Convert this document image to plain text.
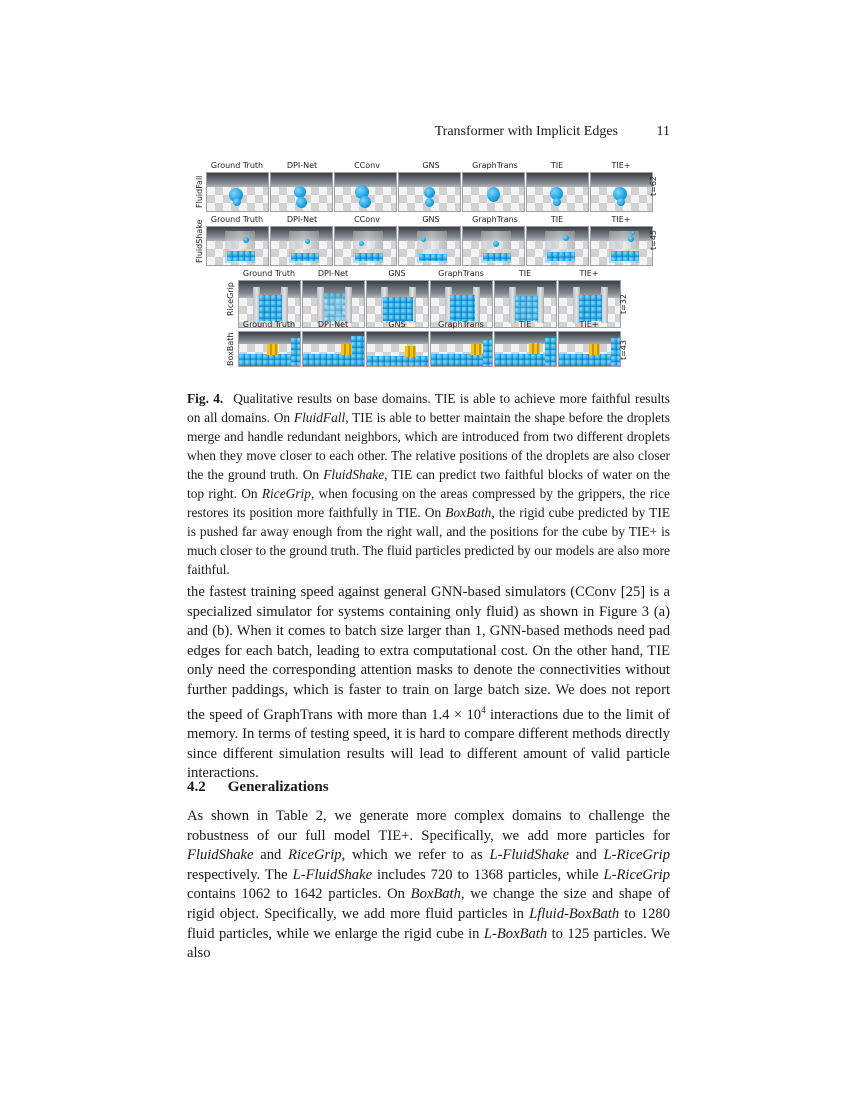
Transformer with Implicit Edges	11
FluidFall
Ground Truth	DPI-Net	CConv	GNS	GraphTrans	TIE	TIE+
t=62
FluidShake Ground Truth	DPI-Net	CConv	GNS	GraphTrans	TIE	TIE+
t=45
RiceGrip
Ground Truth	DPI-Net	GNS	GraphTrans	TIE	TIE+
t=32
BoxBath
Ground Truth	DPI-Net	GNS	GraphTrans	TIE	TIE+
t=43
Fig. 4. Qualitative results on base domains. TIE is able to achieve more faithful results on all domains. On FluidFall, TIE is able to better maintain the shape before the droplets merge and handle redundant neighbors, which are introduced from two different droplets when they move closer to each other. The relative positions of the droplets are also closer the the ground truth. On FluidShake, TIE can predict two faithful blocks of water on the top right. On RiceGrip, when focusing on the areas compressed by the grippers, the rice restores its position more faithfully in TIE. On BoxBath, the rigid cube predicted by TIE is pushed far away enough from the right wall, and the positions for the cube by TIE+ is much closer to the ground truth. The fluid particles predicted by our models are also more faithful.
the fastest training speed against general GNN-based simulators (CConv [25] is a specialized simulator for systems containing only fluid) as shown in Figure 3 (a) and (b). When it comes to batch size larger than 1, GNN-based methods need pad edges for each batch, leading to extra computational cost. On the other hand, TIE only need the corresponding attention masks to denote the connectivities without further paddings, which is faster to train on large batch size. We does not report the speed of GraphTrans with more than $1.4 \times 10^4$ interactions due to the limit of memory. In terms of testing speed, it is hard to compare different methods directly since different simulation results will lead to different amount of valid particle interactions.
4.2 Generalizations
As shown in Table 2, we generate more complex domains to challenge the robustness of our full model TIE+. Specifically, we add more particles for FluidShake and RiceGrip, which we refer to as L-FluidShake and L-RiceGrip respectively. The L-FluidShake includes 720 to 1368 particles, while L-RiceGrip contains 1062 to 1642 particles. On BoxBath, we change the size and shape of rigid object. Specifically, we add more fluid particles in Lfluid-BoxBath to 1280 fluid particles, while we enlarge the rigid cube in L-BoxBath to 125 particles. We also
